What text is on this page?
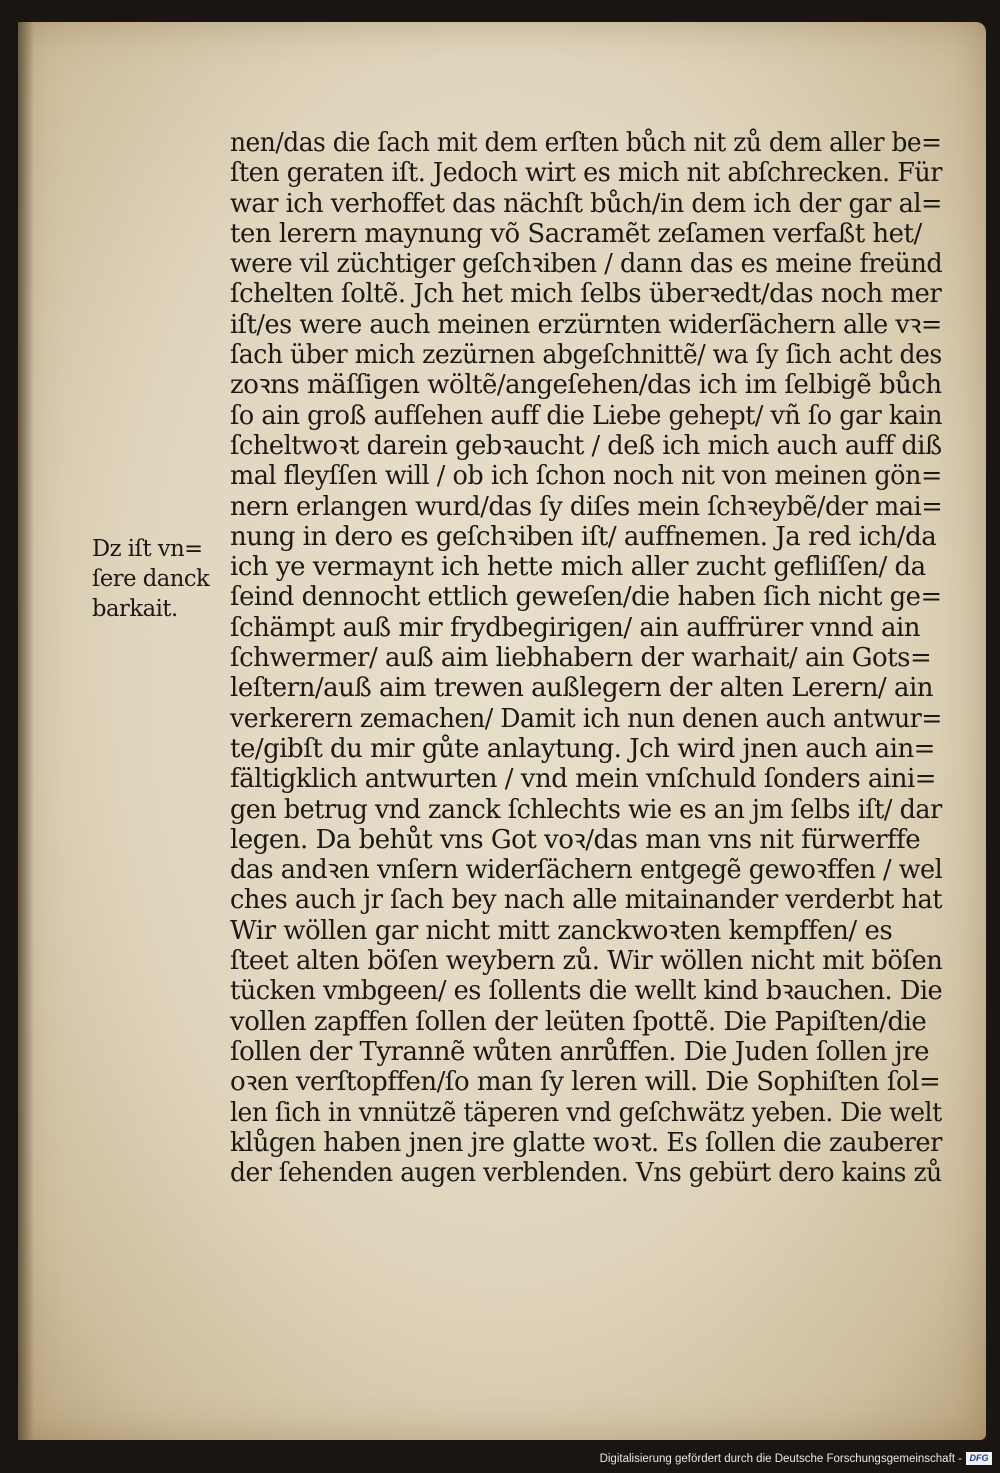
nen/das die ſach mit dem erſten bůch nit zů dem aller be=
ſten geraten iſt. Jedoch wirt es mich nit abſchrecken. Für
war ich verhoffet das nächſt bůch/in dem ich der gar al=
ten lerern maynung võ Sacramẽt zeſamen verfaßt het/
were vil züchtiger geſchꝛiben / dann das es meine freünd
ſchelten ſoltẽ. Jch het mich ſelbs überꝛedt/das noch mer
iſt/es were auch meinen erzürnten widerſächern alle vꝛ=
ſach über mich zezürnen abgeſchnittẽ/ wa ſy ſich acht des
zoꝛns mäſſigen wöltẽ/angeſehen/das ich im ſelbigẽ bůch
ſo ain groß aufſehen auff die Liebe gehept/ vñ ſo gar kain
ſcheltwoꝛt darein gebꝛaucht / deß ich mich auch auff diß
mal fleyſſen will / ob ich ſchon noch nit von meinen gön=
nern erlangen wurd/das ſy diſes mein ſchꝛeybẽ/der mai=
nung in dero es geſchꝛiben iſt/ auffnemen. Ja red ich/da
ich ye vermaynt ich hette mich aller zucht gefliſſen/ da
ſeind dennocht ettlich geweſen/die haben ſich nicht ge=
ſchämpt auß mir frydbegirigen/ ain auffrürer vnnd ain
ſchwermer/ auß aim liebhabern der warhait/ ain Gots=
leſtern/auß aim trewen außlegern der alten Lerern/ ain
verkerern zemachen/ Damit ich nun denen auch antwur=
te/gibſt du mir gůte anlaytung. Jch wird jnen auch ain=
fältigklich antwurten / vnd mein vnſchuld ſonders aini=
gen betrug vnd zanck ſchlechts wie es an jm ſelbs iſt/ dar
legen. Da behůt vns Got voꝛ/das man vns nit fürwerffe
das andꝛen vnſern widerſächern entgegẽ gewoꝛffen / wel
ches auch jr ſach bey nach alle mitainander verderbt hat
Wir wöllen gar nicht mitt zanckwoꝛten kempffen/ es
ſteet alten böſen weybern zů. Wir wöllen nicht mit böſen
tücken vmbgeen/ es ſollents die wellt kind bꝛauchen. Die
vollen zapffen ſollen der leüten ſpottẽ. Die Papiſten/die
ſollen der Tyrannẽ wůten anrůffen. Die Juden ſollen jre
oꝛen verſtopffen/ſo man ſy leren will. Die Sophiſten ſol=
len ſich in vnnützẽ täperen vnd geſchwätz yeben. Die welt
klůgen haben jnen jre glatte woꝛt. Es ſollen die zauberer
der ſehenden augen verblenden. Vns gebürt dero kains zů
Dz iſt vn=
ſere danck
barkait.
Digitalisierung gefördert durch die Deutsche Forschungsgemeinschaft - DFG
